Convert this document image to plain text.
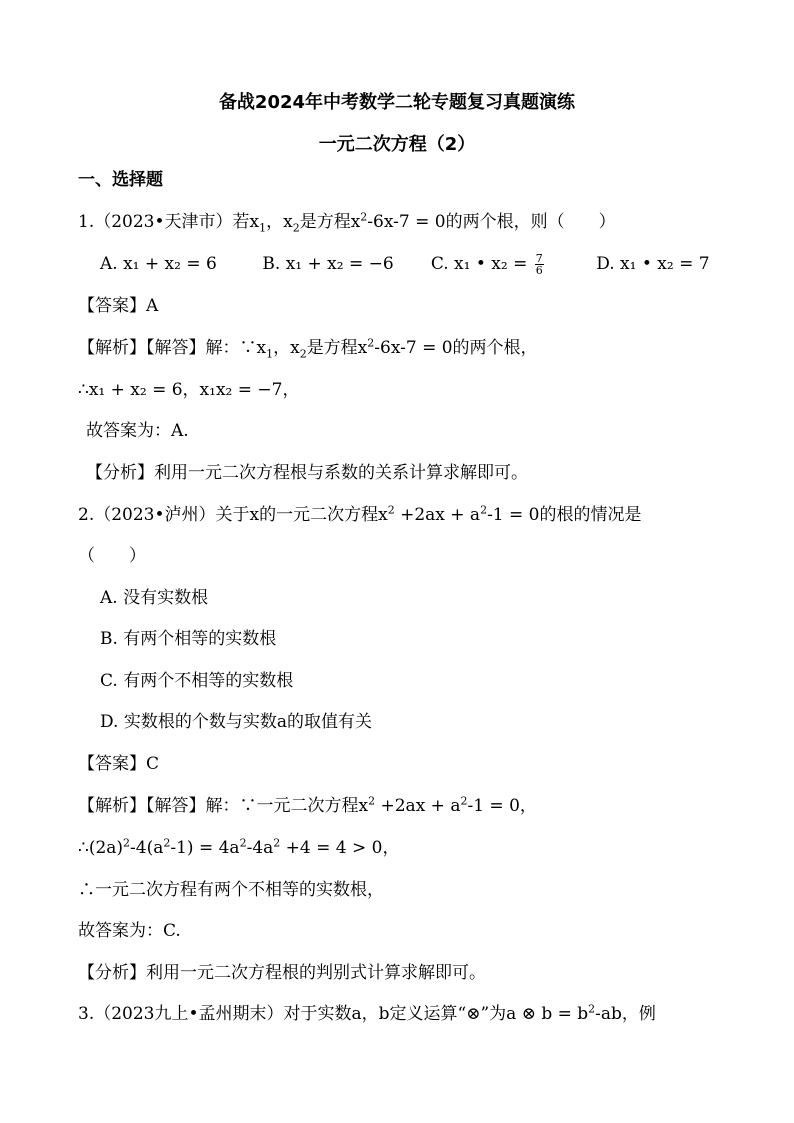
备战2024年中考数学二轮专题复习真题演练
一元二次方程（2）
一、选择题
1.（2023•天津市）若$x_1$，$x_2$是方程$x^2-6x-7 = 0$的两个根，则（　　）
A. x₁ + x₂ = 6	B. x₁ + x₂ = −6 C. x₁ • $x_2 = \frac{7}{6}$	D. x₁ • x₂ = 7
【答案】A
【解析】【解答】解：$\because x_1$，$x_2$是方程$x^2-6x-7 = 0$的两个根，
∴x₁ + x₂ = 6，x₁x₂ = −7，
故答案为：A.
【分析】利用一元二次方程根与系数的关系计算求解即可。
2.（2023•泸州）关于x的一元二次方程$x^2 +2ax + a^2-1 = 0$的根的情况是
（　　）
A. 没有实数根
B. 有两个相等的实数根
C. 有两个不相等的实数根
D. 实数根的个数与实数a的取值有关
【答案】C
【解析】【解答】解：∵一元二次方程$x^2 +2ax + a^2-1 = 0$，
$\therefore(2a)^2-4(a^2-1) = 4a^2-4a^2 +4 = 4 > 0$，
∴一元二次方程有两个不相等的实数根，
故答案为：C.
【分析】利用一元二次方程根的判别式计算求解即可。
3.（2023九上•孟州期末）对于实数a，b定义运算“⊗”为a ⊗ $b = b^2-ab$，例
